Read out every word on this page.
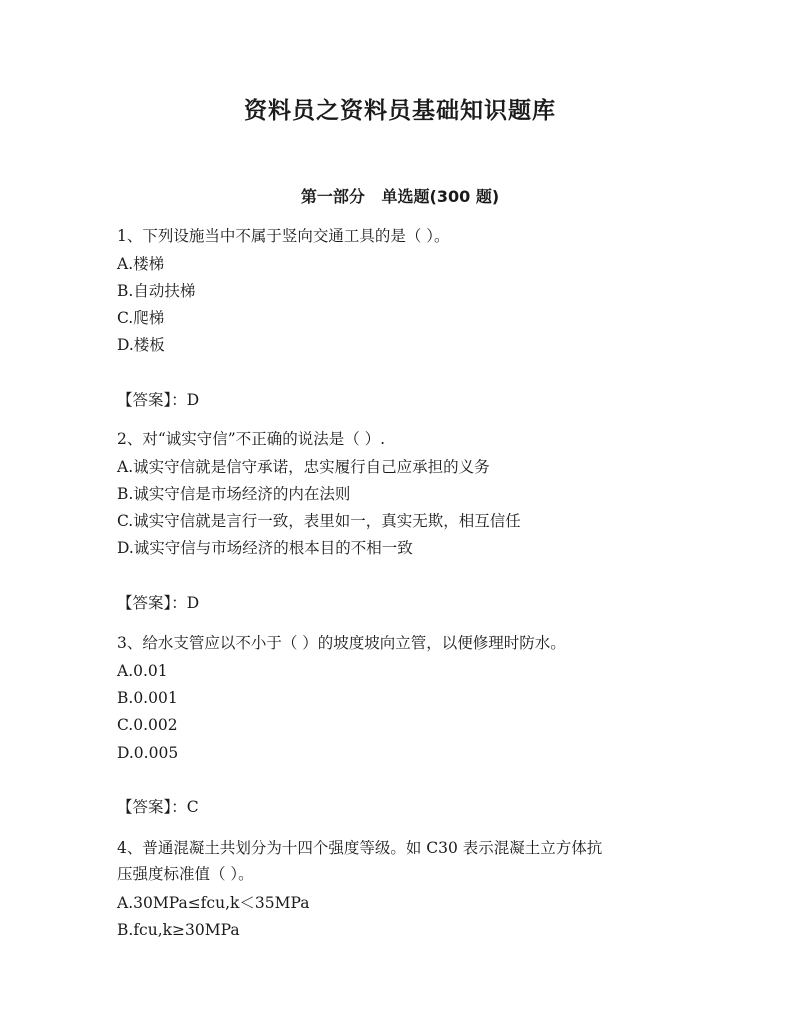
资料员之资料员基础知识题库
第一部分   单选题(300 题)

1、下列设施当中不属于竖向交通工具的是（ ）。

A.楼梯

B.自动扶梯

C.爬梯

D.楼板

【答案】：D

2、对“诚实守信”不正确的说法是（ ）.

A.诚实守信就是信守承诺，忠实履行自己应承担的义务

B.诚实守信是市场经济的内在法则

C.诚实守信就是言行一致，表里如一，真实无欺，相互信任

D.诚实守信与市场经济的根本目的不相一致

【答案】：D

3、给水支管应以不小于（ ）的坡度坡向立管，以便修理时防水。

A.0.01

B.0.001

C.0.002

D.0.005

【答案】：C

4、普通混凝土共划分为十四个强度等级。如 C30 表示混凝土立方体抗

压强度标准值（ ）。

A.30MPa≤fcu,k＜35MPa

B.fcu,k≥30MPa
